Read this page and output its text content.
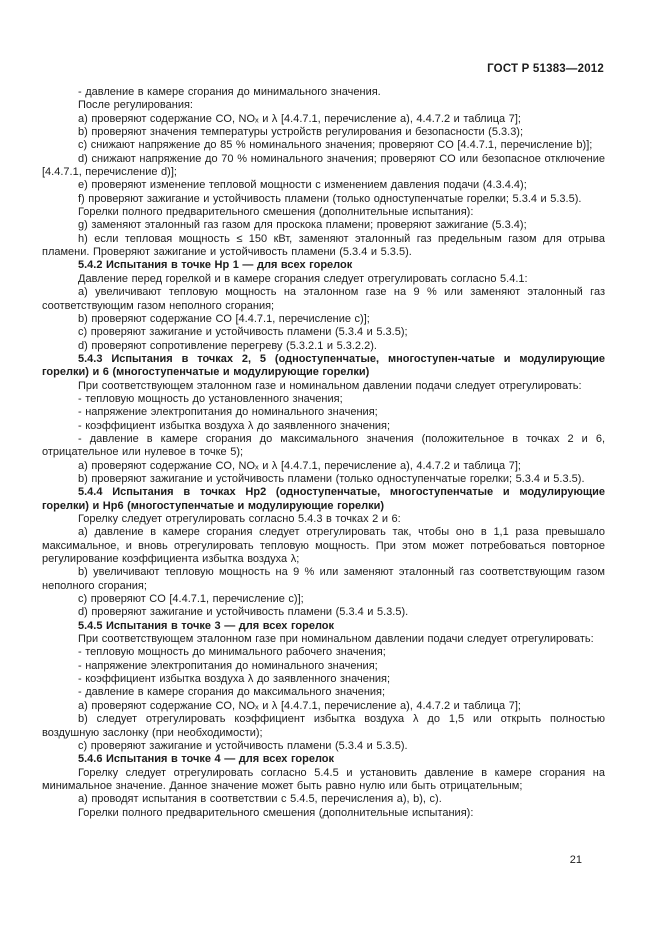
ГОСТ Р 51383—2012

- давление в камере сгорания до минимального значения.

После регулирования:

a) проверяют содержание CO, NOₓ и λ [4.4.7.1, перечисление a), 4.4.7.2 и таблица 7];

b) проверяют значения температуры устройств регулирования и безопасности (5.3.3);

c) снижают напряжение до 85 % номинального значения; проверяют CO [4.4.7.1, перечисление b)];

d) снижают напряжение до 70 % номинального значения; проверяют CO или безопасное отключение [4.4.7.1, перечисление d)];

e) проверяют изменение тепловой мощности с изменением давления подачи (4.3.4.4);

f) проверяют зажигание и устойчивость пламени (только одноступенчатые горелки; 5.3.4 и 5.3.5).

Горелки полного предварительного смешения (дополнительные испытания):

g) заменяют эталонный газ газом для проскока пламени; проверяют зажигание (5.3.4);

h) если тепловая мощность ≤ 150 кВт, заменяют эталонный газ предельным газом для отрыва пламени. Проверяют зажигание и устойчивость пламени (5.3.4 и 5.3.5).

5.4.2 Испытания в точке Нр 1 — для всех горелок

Давление перед горелкой и в камере сгорания следует отрегулировать согласно 5.4.1:

a) увеличивают тепловую мощность на эталонном газе на 9 % или заменяют эталонный газ соответствующим газом неполного сгорания;

b) проверяют содержание CO [4.4.7.1, перечисление c)];

c) проверяют зажигание и устойчивость пламени (5.3.4 и 5.3.5);

d) проверяют сопротивление перегреву (5.3.2.1 и 5.3.2.2).

5.4.3 Испытания в точках 2, 5 (одноступенчатые, многоступен-чатые и модулирующие горелки) и 6 (многоступенчатые и модулирующие горелки)

При соответствующем эталонном газе и номинальном давлении подачи следует отрегулировать:

- тепловую мощность до установленного значения;

- напряжение электропитания до номинального значения;

- коэффициент избытка воздуха λ до заявленного значения;

- давление в камере сгорания до максимального значения (положительное в точках 2 и 6, отрицательное или нулевое в точке 5);

a) проверяют содержание CO, NOₓ и λ [4.4.7.1, перечисление a), 4.4.7.2 и таблица 7];

b) проверяют зажигание и устойчивость пламени (только одноступенчатые горелки; 5.3.4 и 5.3.5).

5.4.4 Испытания в точках Нр2 (одноступенчатые, многоступенчатые и модулирующие горелки) и Нр6 (многоступенчатые и модулирующие горелки)

Горелку следует отрегулировать согласно 5.4.3 в точках 2 и 6:

a) давление в камере сгорания следует отрегулировать так, чтобы оно в 1,1 раза превышало максимальное, и вновь отрегулировать тепловую мощность. При этом может потребоваться повторное регулирование коэффициента избытка воздуха λ;

b) увеличивают тепловую мощность на 9 % или заменяют эталонный газ соответствующим газом неполного сгорания;

c) проверяют CO [4.4.7.1, перечисление c)];

d) проверяют зажигание и устойчивость пламени (5.3.4 и 5.3.5).

5.4.5 Испытания в точке 3 — для всех горелок

При соответствующем эталонном газе при номинальном давлении подачи следует отрегулировать:

- тепловую мощность до минимального рабочего значения;

- напряжение электропитания до номинального значения;

- коэффициент избытка воздуха λ до заявленного значения;

- давление в камере сгорания до максимального значения;

a) проверяют содержание CO, NOₓ и λ [4.4.7.1, перечисление a), 4.4.7.2 и таблица 7];

b) следует отрегулировать коэффициент избытка воздуха λ до 1,5 или открыть полностью воздушную заслонку (при необходимости);

c) проверяют зажигание и устойчивость пламени (5.3.4 и 5.3.5).

5.4.6 Испытания в точке 4 — для всех горелок

Горелку следует отрегулировать согласно 5.4.5 и установить давление в камере сгорания на минимальное значение. Данное значение может быть равно нулю или быть отрицательным;

a) проводят испытания в соответствии с 5.4.5, перечисления a), b), c).

Горелки полного предварительного смешения (дополнительные испытания):

21
